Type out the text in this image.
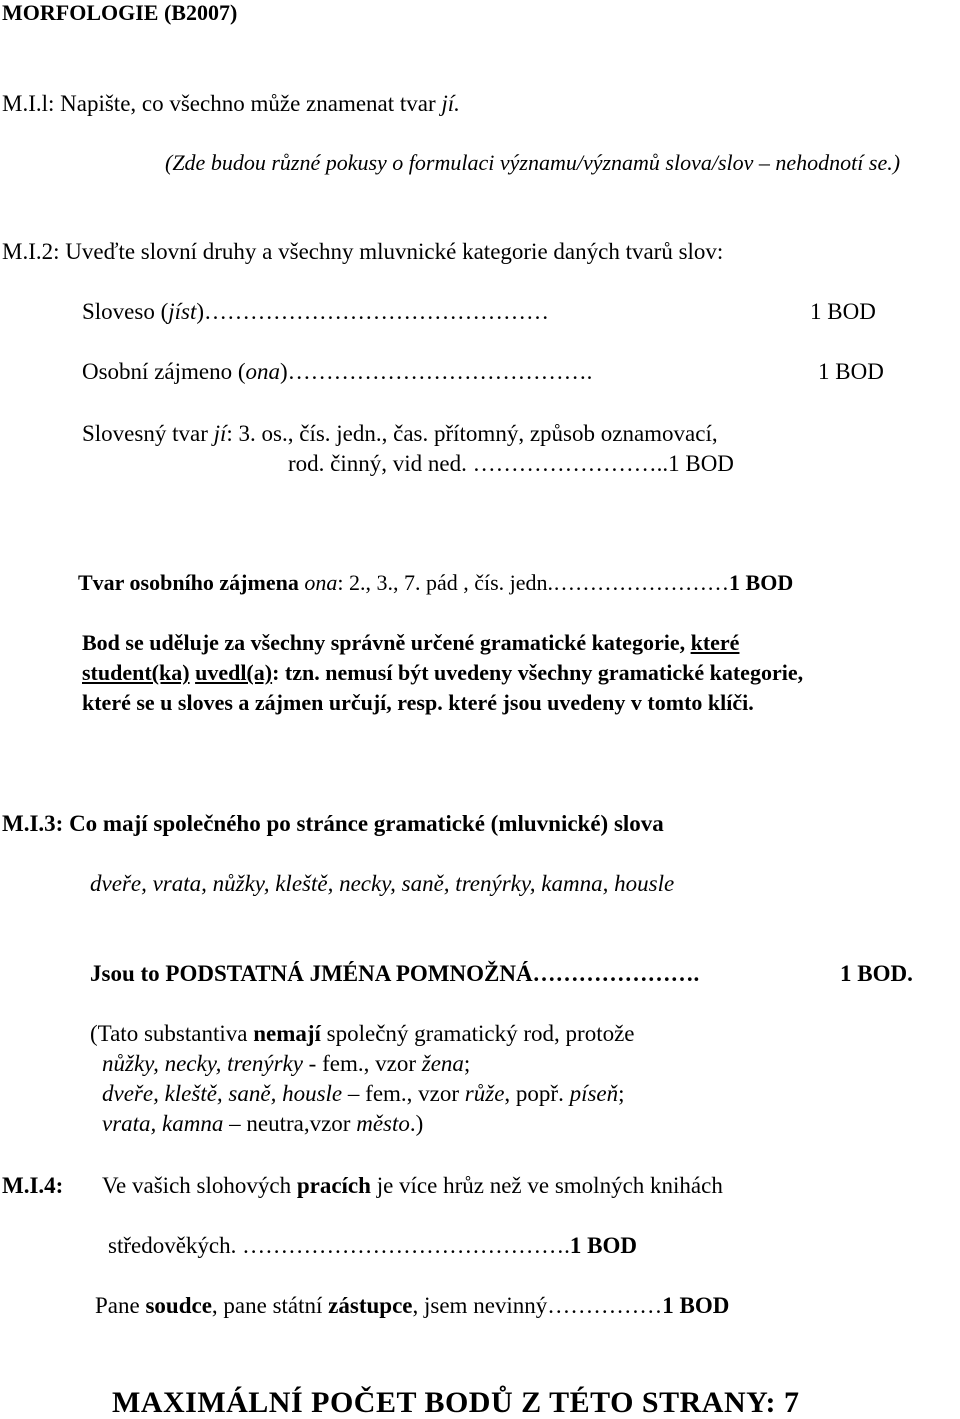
MORFOLOGIE (B2007)
M.I.l: Napište, co všechno může znamenat tvar jí.
(Zde budou různé pokusy o formulaci významu/významů slova/slov – nehodnotí se.)
M.I.2: Uveďte slovní druhy a všechny mluvnické kategorie daných tvarů slov:
Sloveso (jíst)………………………………………	1 BOD
Osobní zájmeno (ona)………………………………….	1 BOD
Slovesný tvar jí: 3. os., čís. jedn., čas. přítomný, způsob oznamovací,
rod. činný, vid ned. ……………………..1 BOD
Tvar osobního zájmena ona: 2., 3., 7. pád , čís. jedn.……………………1 BOD
Bod se uděluje za všechny správně určené gramatické kategorie, které
student(ka) uvedl(a): tzn. nemusí být uvedeny všechny gramatické kategorie,
které se u sloves a zájmen určují, resp. které jsou uvedeny v tomto klíči.
M.I.3: Co mají společného po stránce gramatické (mluvnické) slova
dveře, vrata, nůžky, kleště, necky, saně, trenýrky, kamna, housle
Jsou to PODSTATNÁ JMÉNA POMNOŽNÁ………………….	1 BOD.
(Tato substantiva nemají společný gramatický rod, protože
nůžky, necky, trenýrky - fem., vzor žena;
dveře, kleště, saně, housle – fem., vzor růže, popř. píseň;
vrata, kamna – neutra,vzor město.)
M.I.4: Ve vašich slohových pracích je více hrůz než ve smolných knihách
středověkých. …………………………………….1 BOD
Pane soudce, pane státní zástupce, jsem nevinný……………1 BOD
MAXIMÁLNÍ POČET BODŮ Z TÉTO STRANY: 7
